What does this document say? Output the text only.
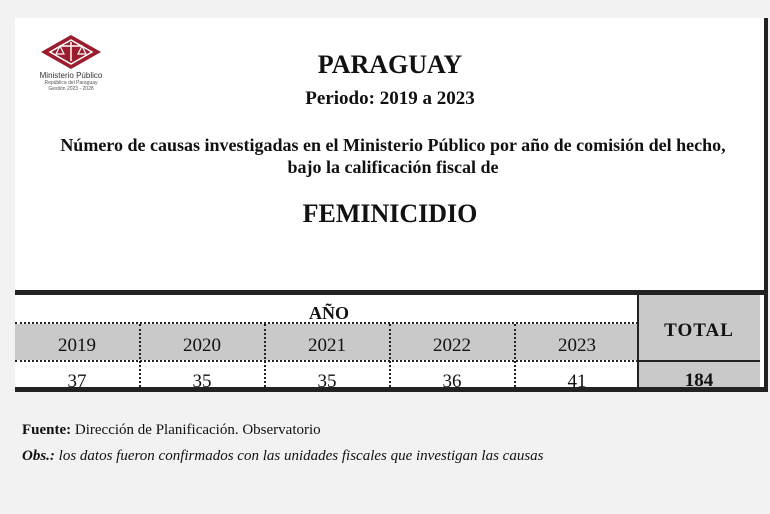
Ministerio Público
República del Paraguay
Gestión 2023 - 2028
PARAGUAY
Periodo: 2019 a 2023
Número de causas investigadas en el Ministerio Público por año de comisión del hecho,
bajo la calificación fiscal de
FEMINICIDIO
AÑO
2019	2020	2021	2022	2023
37	35	35	36	41
TOTAL
184
Fuente: Dirección de Planificación. Observatorio
Obs.: los datos fueron confirmados con las unidades fiscales que investigan las causas
